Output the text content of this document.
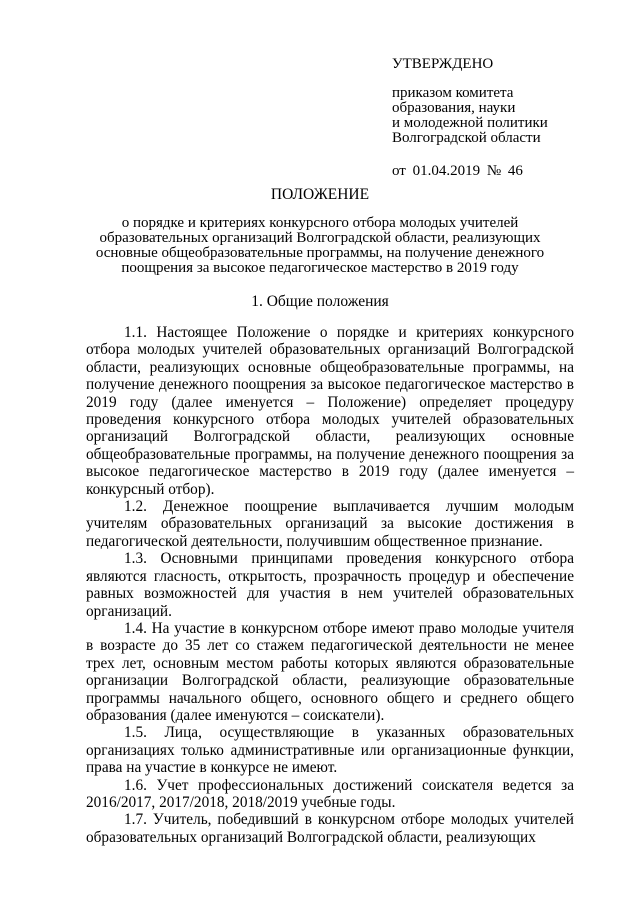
УТВЕРЖДЕНО
приказом комитета
образования, науки
и молодежной политики
Волгоградской области
от 01.04.2019 № 46
ПОЛОЖЕНИЕ
о порядке и критериях конкурсного отбора молодых учителей
образовательных организаций Волгоградской области, реализующих
основные общеобразовательные программы, на получение денежного
поощрения за высокое педагогическое мастерство в 2019 году
1. Общие положения

1.1. Настоящее Положение о порядке и критериях конкурсного отбора молодых учителей образовательных организаций Волгоградской области, реализующих основные общеобразовательные программы, на получение денежного поощрения за высокое педагогическое мастерство в 2019 году (далее именуется – Положение) определяет процедуру проведения конкурсного отбора молодых учителей образовательных организаций Волгоградской области, реализующих основные общеобразовательные программы, на получение денежного поощрения за высокое педагогическое мастерство в 2019 году (далее именуется – конкурсный отбор).

1.2. Денежное поощрение выплачивается лучшим молодым учителям образовательных организаций за высокие достижения в педагогической деятельности, получившим общественное признание.

1.3. Основными принципами проведения конкурсного отбора являются гласность, открытость, прозрачность процедур и обеспечение равных возможностей для участия в нем учителей образовательных организаций.

1.4. На участие в конкурсном отборе имеют право молодые учителя в возрасте до 35 лет со стажем педагогической деятельности не менее трех лет, основным местом работы которых являются образовательные организации Волгоградской области, реализующие образовательные программы начального общего, основного общего и среднего общего образования (далее именуются – соискатели).

1.5. Лица, осуществляющие в указанных образовательных организациях только административные или организационные функции, права на участие в конкурсе не имеют.

1.6. Учет профессиональных достижений соискателя ведется за 2016/2017, 2017/2018, 2018/2019 учебные годы.

1.7. Учитель, победивший в конкурсном отборе молодых учителей образовательных организаций Волгоградской области, реализующих
